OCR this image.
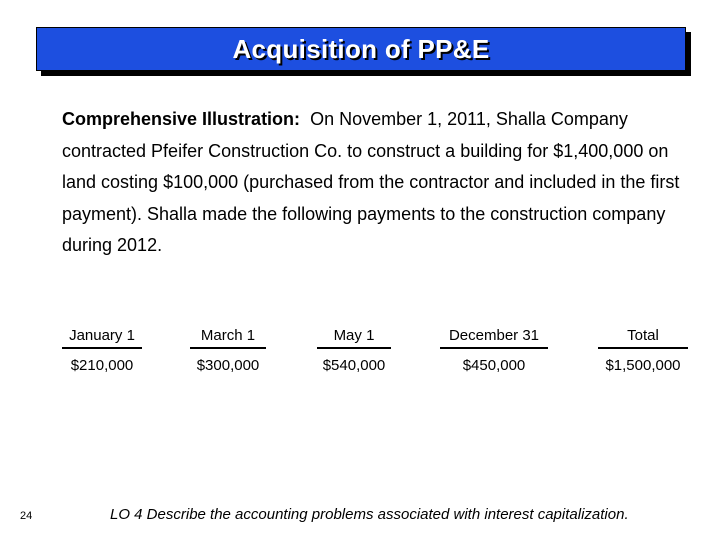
Acquisition of PP&E
Comprehensive Illustration: On November 1, 2011, Shalla Company contracted Pfeifer Construction Co. to construct a building for $1,400,000 on land costing $100,000 (purchased from the contractor and included in the first payment). Shalla made the following payments to the construction company during 2012.
January 1
$210,000
March 1
$300,000
May 1
$540,000
December 31
$450,000
Total
$1,500,000
24	LO 4 Describe the accounting problems associated with interest capitalization.
